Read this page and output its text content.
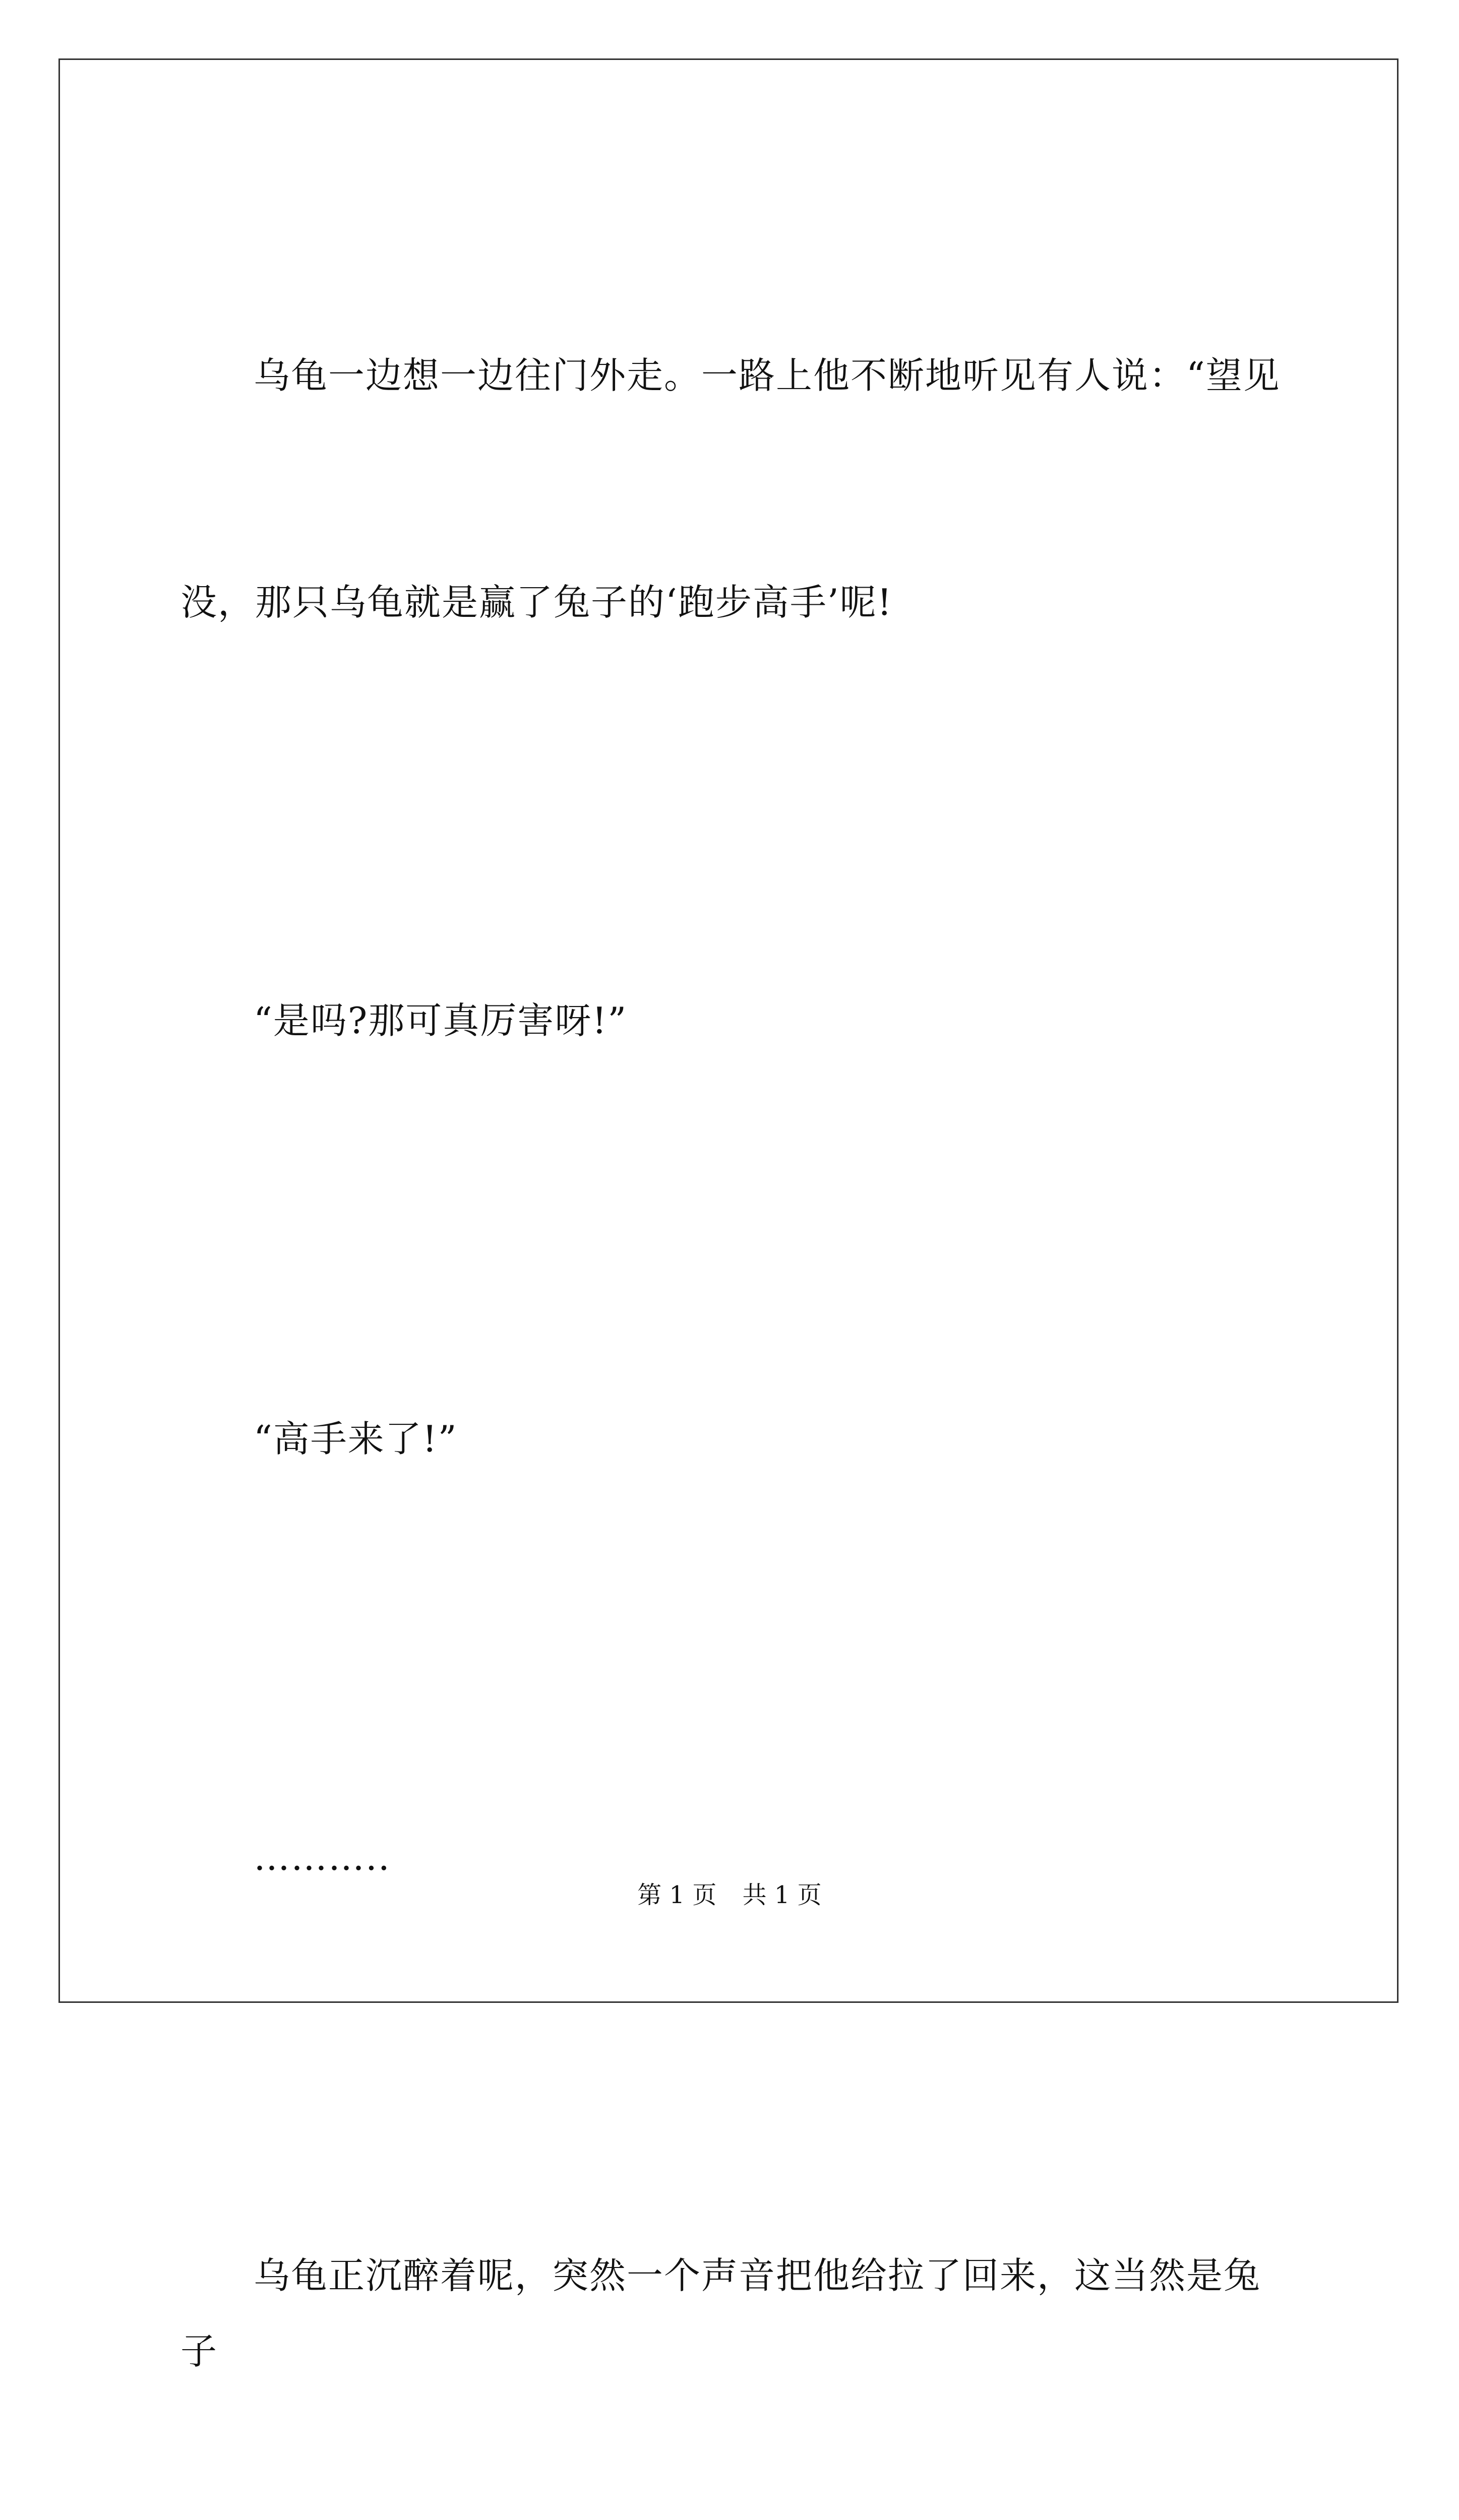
乌龟一边想一边往门外走。一路上他不断地听见有人说：“望见

没，那只乌龟就是赢了兔子的‘跑步高手’呢!

“是吗?那可真厉害呀!”

“高手来了!”

………..

乌龟正沉醉着呢，突然一个声音把他给拉了回来，这当然是兔子

第 1 页 共 1 页
